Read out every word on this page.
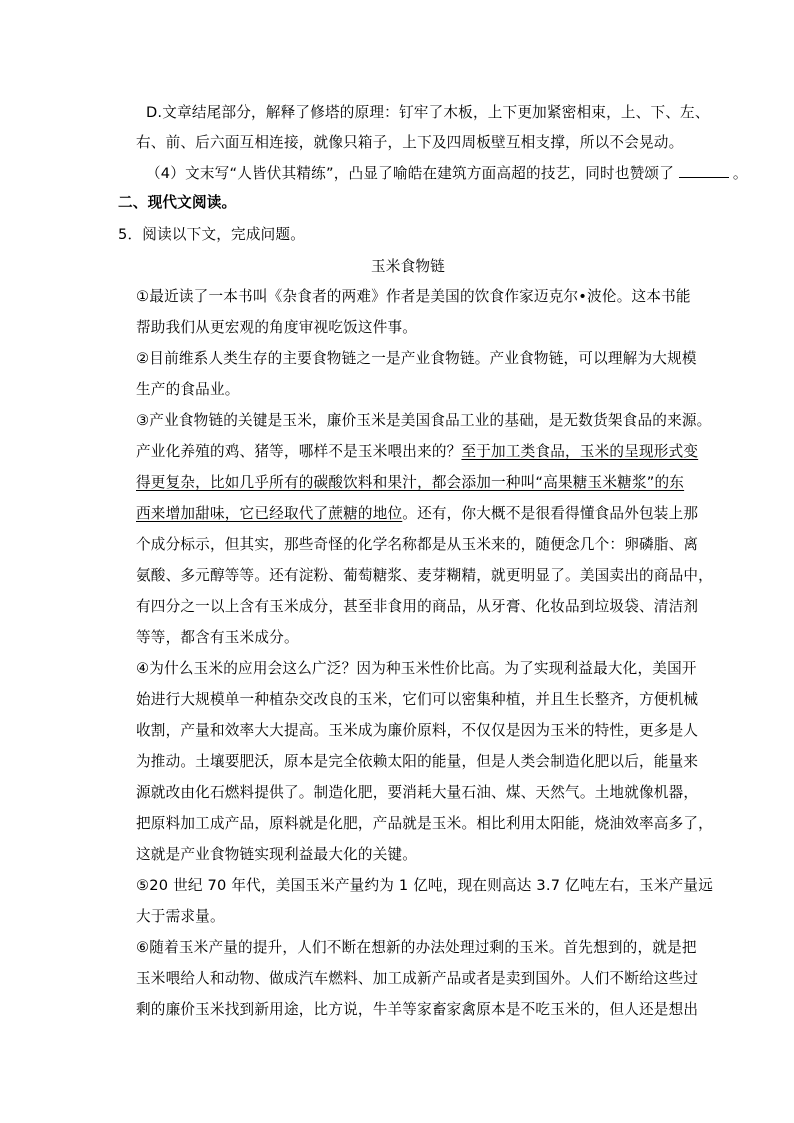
D.文章结尾部分，解释了修塔的原理：钉牢了木板，上下更加紧密相束，上、下、左、
右、前、后六面互相连接，就像只箱子，上下及四周板壁互相支撑，所以不会晃动。
（4）文末写“人皆伏其精练”，凸显了喻皓在建筑方面高超的技艺，同时也赞颂了	。
二、现代文阅读。
5．阅读以下文，完成问题。
玉米食物链
①最近读了一本书叫《杂食者的两难》作者是美国的饮食作家迈克尔•波伦。这本书能
帮助我们从更宏观的角度审视吃饭这件事。
②目前维系人类生存的主要食物链之一是产业食物链。产业食物链，可以理解为大规模
生产的食品业。
③产业食物链的关键是玉米，廉价玉米是美国食品工业的基础，是无数货架食品的来源。
产业化养殖的鸡、猪等，哪样不是玉米喂出来的？至于加工类食品，玉米的呈现形式变
得更复杂，比如几乎所有的碳酸饮料和果汁，都会添加一种叫“高果糖玉米糖浆”的东
西来增加甜味，它已经取代了蔗糖的地位。还有，你大概不是很看得懂食品外包装上那
个成分标示，但其实，那些奇怪的化学名称都是从玉米来的，随便念几个：卵磷脂、离
氨酸、多元醇等等。还有淀粉、葡萄糖浆、麦芽糊精，就更明显了。美国卖出的商品中，
有四分之一以上含有玉米成分，甚至非食用的商品，从牙膏、化妆品到垃圾袋、清洁剂
等等，都含有玉米成分。
④为什么玉米的应用会这么广泛？因为种玉米性价比高。为了实现利益最大化，美国开
始进行大规模单一种植杂交改良的玉米，它们可以密集种植，并且生长整齐，方便机械
收割，产量和效率大大提高。玉米成为廉价原料，不仅仅是因为玉米的特性，更多是人
为推动。土壤要肥沃，原本是完全依赖太阳的能量，但是人类会制造化肥以后，能量来
源就改由化石燃料提供了。制造化肥，要消耗大量石油、煤、天然气。土地就像机器，
把原料加工成产品，原料就是化肥，产品就是玉米。相比利用太阳能，烧油效率高多了，
这就是产业食物链实现利益最大化的关键。
⑤20 世纪 70 年代，美国玉米产量约为 1 亿吨，现在则高达 3.7 亿吨左右，玉米产量远
大于需求量。
⑥随着玉米产量的提升，人们不断在想新的办法处理过剩的玉米。首先想到的，就是把
玉米喂给人和动物、做成汽车燃料、加工成新产品或者是卖到国外。人们不断给这些过
剩的廉价玉米找到新用途，比方说，牛羊等家畜家禽原本是不吃玉米的，但人还是想出
